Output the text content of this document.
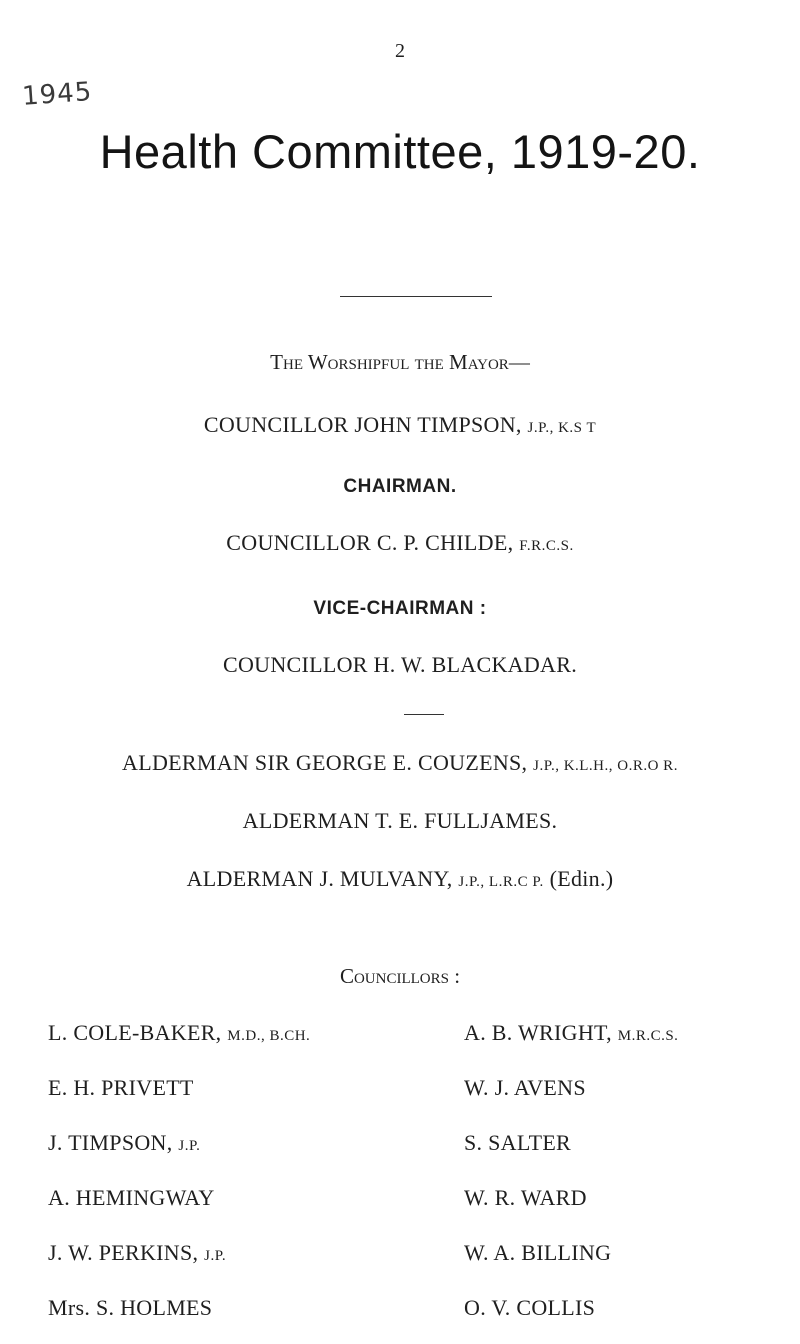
2
1945
Health Committee, 1919-20.
The Worshipful the Mayor—
COUNCILLOR JOHN TIMPSON, J.P., K.S T
CHAIRMAN.
COUNCILLOR C. P. CHILDE, F.R.C.S.
VICE-CHAIRMAN :
COUNCILLOR H. W. BLACKADAR.
ALDERMAN SIR GEORGE E. COUZENS, J.P., K.L.H., O.R.O R.
ALDERMAN T. E. FULLJAMES.
ALDERMAN J. MULVANY, J.P., L.R.C P. (Edin.)
Councillors :
L. COLE-BAKER, M.D., B.CH.
E. H. PRIVETT
J. TIMPSON, J.P.
A. HEMINGWAY
J. W. PERKINS, J.P.
Mrs. S. HOLMES
A. B. WRIGHT, M.R.C.S.
W. J. AVENS
S. SALTER
W. R. WARD
W. A. BILLING
O. V. COLLIS
